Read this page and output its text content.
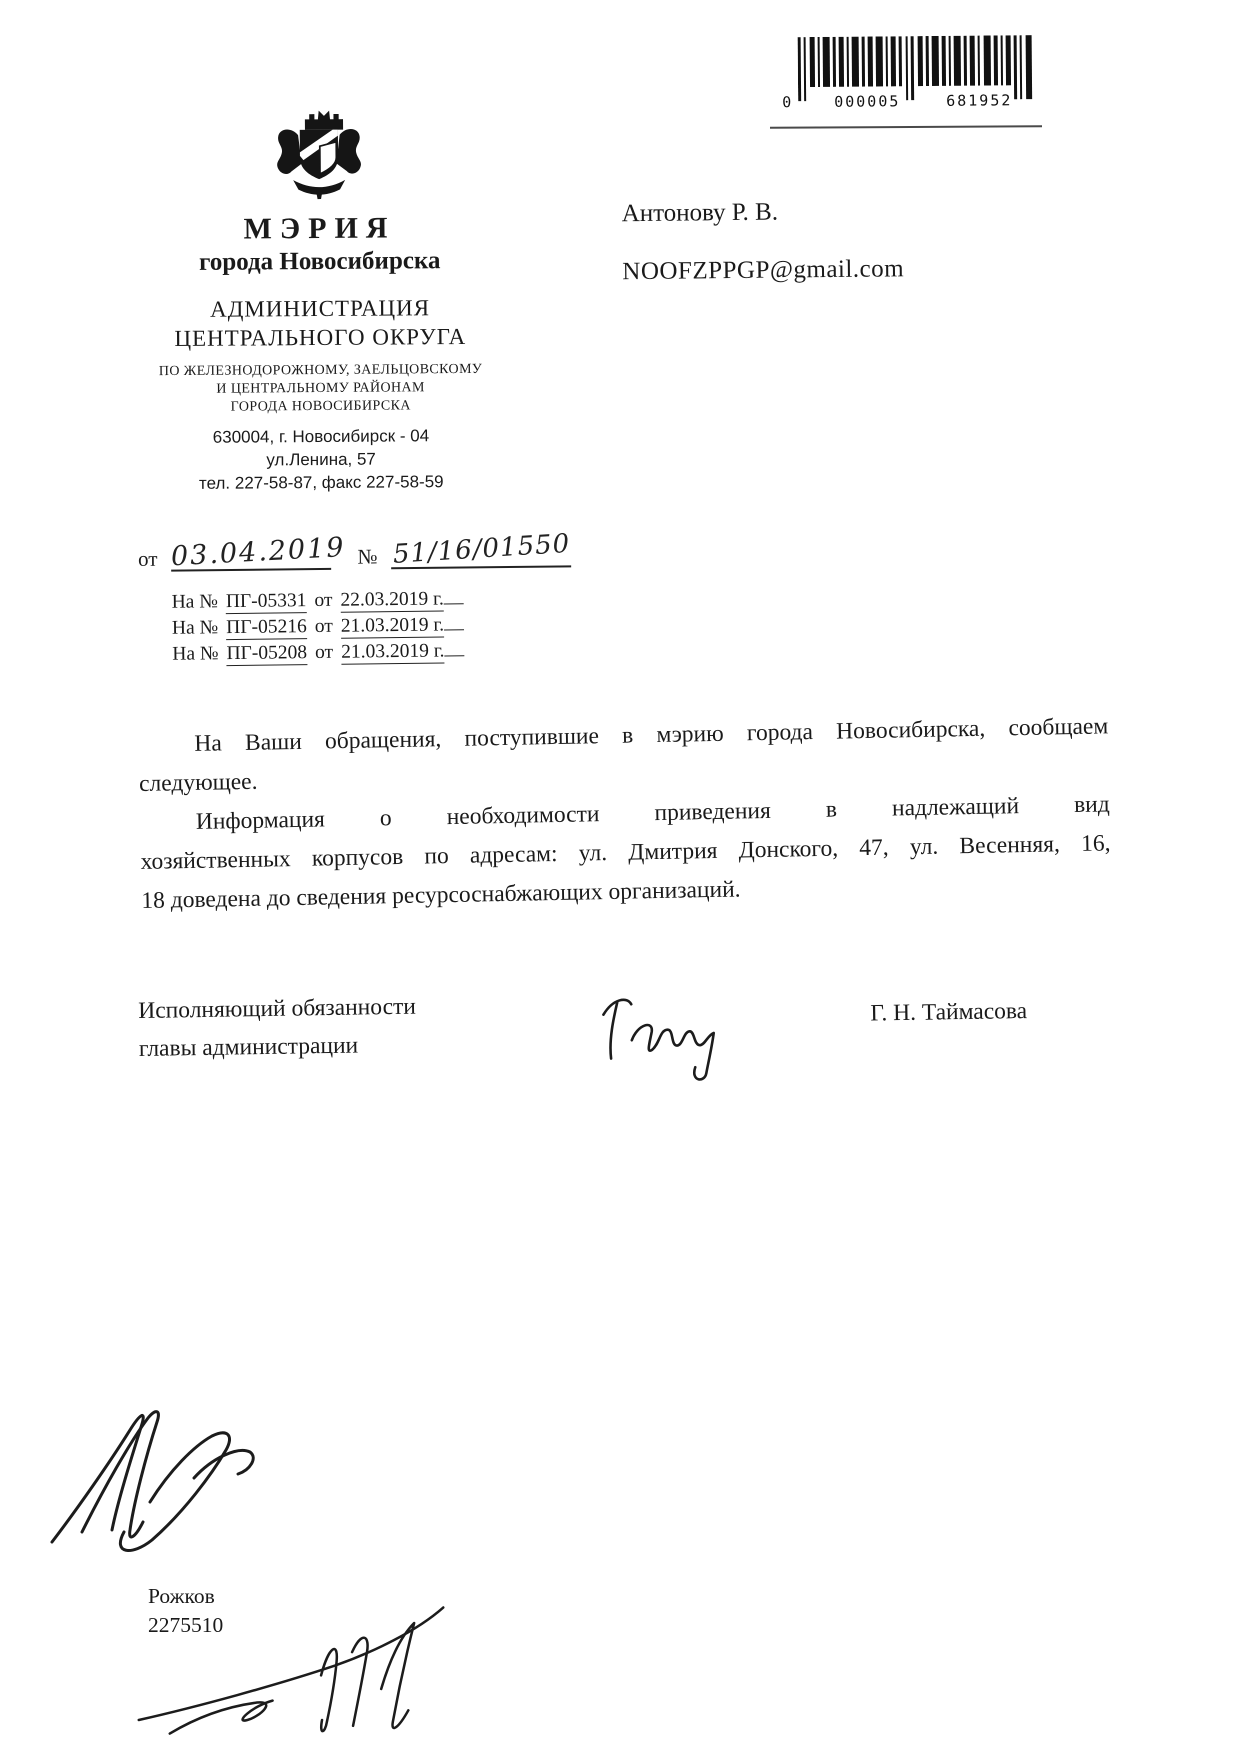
0	000005	681952
МЭРИЯ
города Новосибирска
АДМИНИСТРАЦИЯ
ЦЕНТРАЛЬНОГО ОКРУГА
ПО ЖЕЛЕЗНОДОРОЖНОМУ, ЗАЕЛЬЦОВСКОМУ
И ЦЕНТРАЛЬНОМУ РАЙОНАМ
ГОРОДА НОВОСИБИРСКА
630004, г. Новосибирск - 04
ул.Ленина, 57
тел. 227-58-87, факс 227-58-59
Антонову Р. В.
NOOFZPPGP@gmail.com
от 03.04.2019 № 51/16/01550
На № ПГ-05331 от 22.03.2019 г.
На № ПГ-05216 от 21.03.2019 г.
На № ПГ-05208 от 21.03.2019 г.
На Ваши обращения, поступившие в мэрию города Новосибирска, сообщаем
следующее.
Информация о необходимости приведения в надлежащий вид
хозяйственных корпусов по адресам: ул. Дмитрия Донского, 47, ул. Весенняя, 16,
18 доведена до сведения ресурсоснабжающих организаций.
Исполняющий обязанности
главы администрации
Г. Н. Таймасова
Рожков
2275510
